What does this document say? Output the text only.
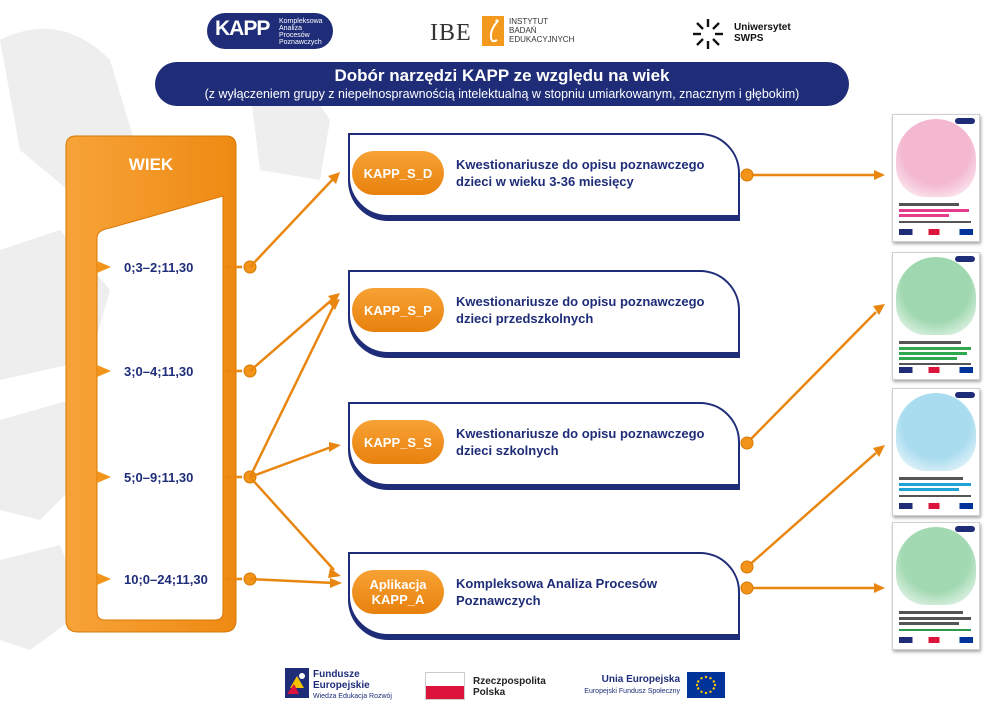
KAPP Kompleksowa
Analiza
Procesów
Poznawczych	IBE	INSTYTUT
BADAŃ
EDUKACYJNYCH
Uniwersytet
SWPS
Dobór narzędzi KAPP ze względu na wiek
(z wyłączeniem grupy z niepełnosprawnością intelektualną w stopniu umiarkowanym, znacznym i głębokim)
WIEK
0;3–2;11,30
3;0–4;11,30
5;0–9;11,30
10;0–24;11,30
KAPP_S_D
Kwestionariusze do opisu poznawczego dzieci w wieku 3-36 miesięcy
KAPP_S_P
Kwestionariusze do opisu poznawczego dzieci przedszkolnych
KAPP_S_S
Kwestionariusze do opisu poznawczego dzieci szkolnych
Aplikacja
KAPP_A
Kompleksowa Analiza Procesów Poznawczych
Fundusze
Europejskie
Wiedza Edukacja Rozwój
Rzeczpospolita
Polska
Unia Europejska
Europejski Fundusz Społeczny
